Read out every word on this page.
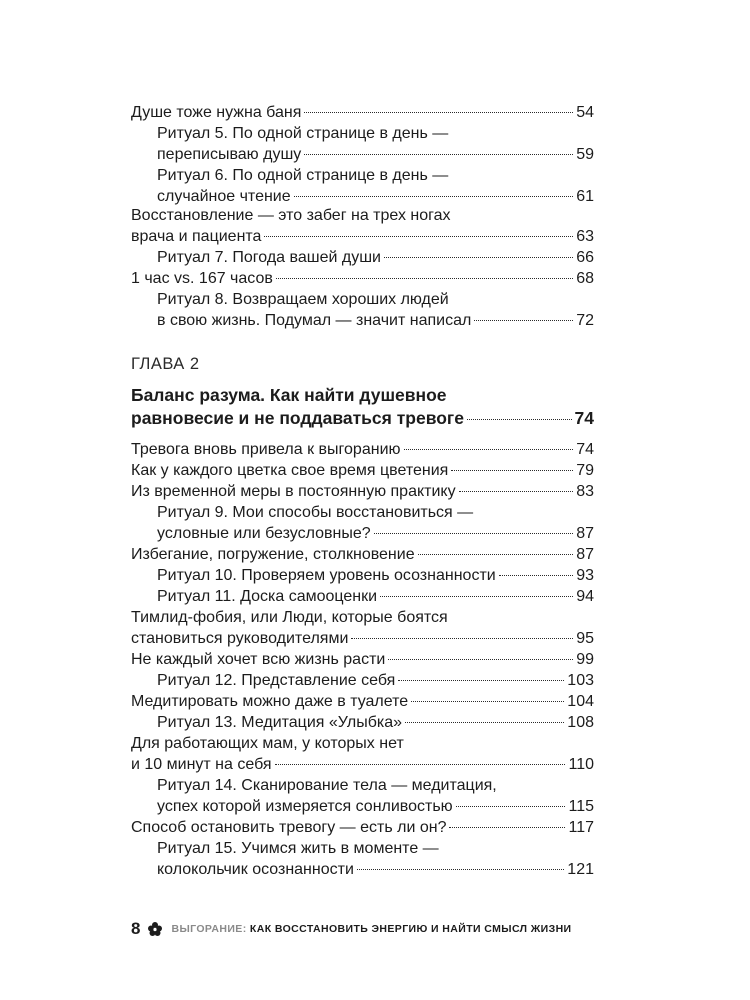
Душе тоже нужна баня	54
Ритуал 5. По одной странице в день —
переписываю душу	59
Ритуал 6. По одной странице в день —
случайное чтение	61
Восстановление — это забег на трех ногах
врача и пациента	63
Ритуал 7. Погода вашей души	66
1 час vs. 167 часов	68
Ритуал 8. Возвращаем хороших людей
в свою жизнь. Подумал — значит написал	72
Баланс разума. Как найти душевное
равновесие и не поддаваться тревоге	74
Тревога вновь привела к выгоранию	74
Как у каждого цветка свое время цветения	79
Из временной меры в постоянную практику	83
Ритуал 9. Мои способы восстановиться —
условные или безусловные?	87
Избегание, погружение, столкновение	87
Ритуал 10. Проверяем уровень осознанности	93
Ритуал 11. Доска самооценки	94
Тимлид-фобия, или Люди, которые боятся
становиться руководителями	95
Не каждый хочет всю жизнь расти	99
Ритуал 12. Представление себя	103
Медитировать можно даже в туалете	104
Ритуал 13. Медитация «Улыбка»	108
Для работающих мам, у которых нет
и 10 минут на себя	110
Ритуал 14. Сканирование тела — медитация,
успех которой измеряется сонливостью	115
Способ остановить тревогу — есть ли он?	117
Ритуал 15. Учимся жить в моменте —
колокольчик осознанности	121
ГЛАВА 2
8	ВЫГОРАНИЕ: КАК ВОССТАНОВИТЬ ЭНЕРГИЮ И НАЙТИ СМЫСЛ ЖИЗНИ
